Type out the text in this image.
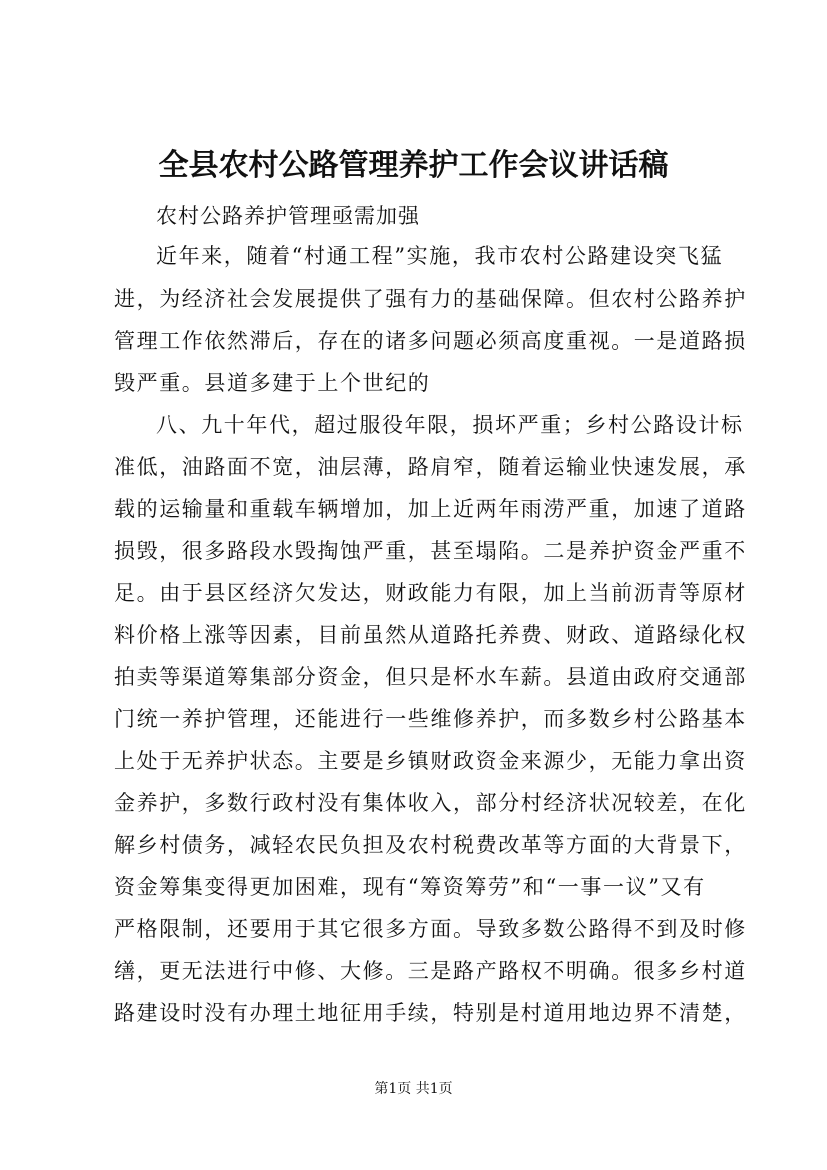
全县农村公路管理养护工作会议讲话稿
农村公路养护管理亟需加强
近年来，随着“村通工程”实施，我市农村公路建设突飞猛
进，为经济社会发展提供了强有力的基础保障。但农村公路养护
管理工作依然滞后，存在的诸多问题必须高度重视。一是道路损
毁严重。县道多建于上个世纪的
八、九十年代，超过服役年限，损坏严重；乡村公路设计标
准低，油路面不宽，油层薄，路肩窄，随着运输业快速发展，承
载的运输量和重载车辆增加，加上近两年雨涝严重，加速了道路
损毁，很多路段水毁掏蚀严重，甚至塌陷。二是养护资金严重不
足。由于县区经济欠发达，财政能力有限，加上当前沥青等原材
料价格上涨等因素，目前虽然从道路托养费、财政、道路绿化权
拍卖等渠道筹集部分资金，但只是杯水车薪。县道由政府交通部
门统一养护管理，还能进行一些维修养护，而多数乡村公路基本
上处于无养护状态。主要是乡镇财政资金来源少，无能力拿出资
金养护，多数行政村没有集体收入，部分村经济状况较差，在化
解乡村债务，减轻农民负担及农村税费改革等方面的大背景下，
资金筹集变得更加困难，现有“筹资筹劳”和“一事一议”又有
严格限制，还要用于其它很多方面。导致多数公路得不到及时修
缮，更无法进行中修、大修。三是路产路权不明确。很多乡村道
路建设时没有办理土地征用手续，特别是村道用地边界不清楚，
第1页 共1页
